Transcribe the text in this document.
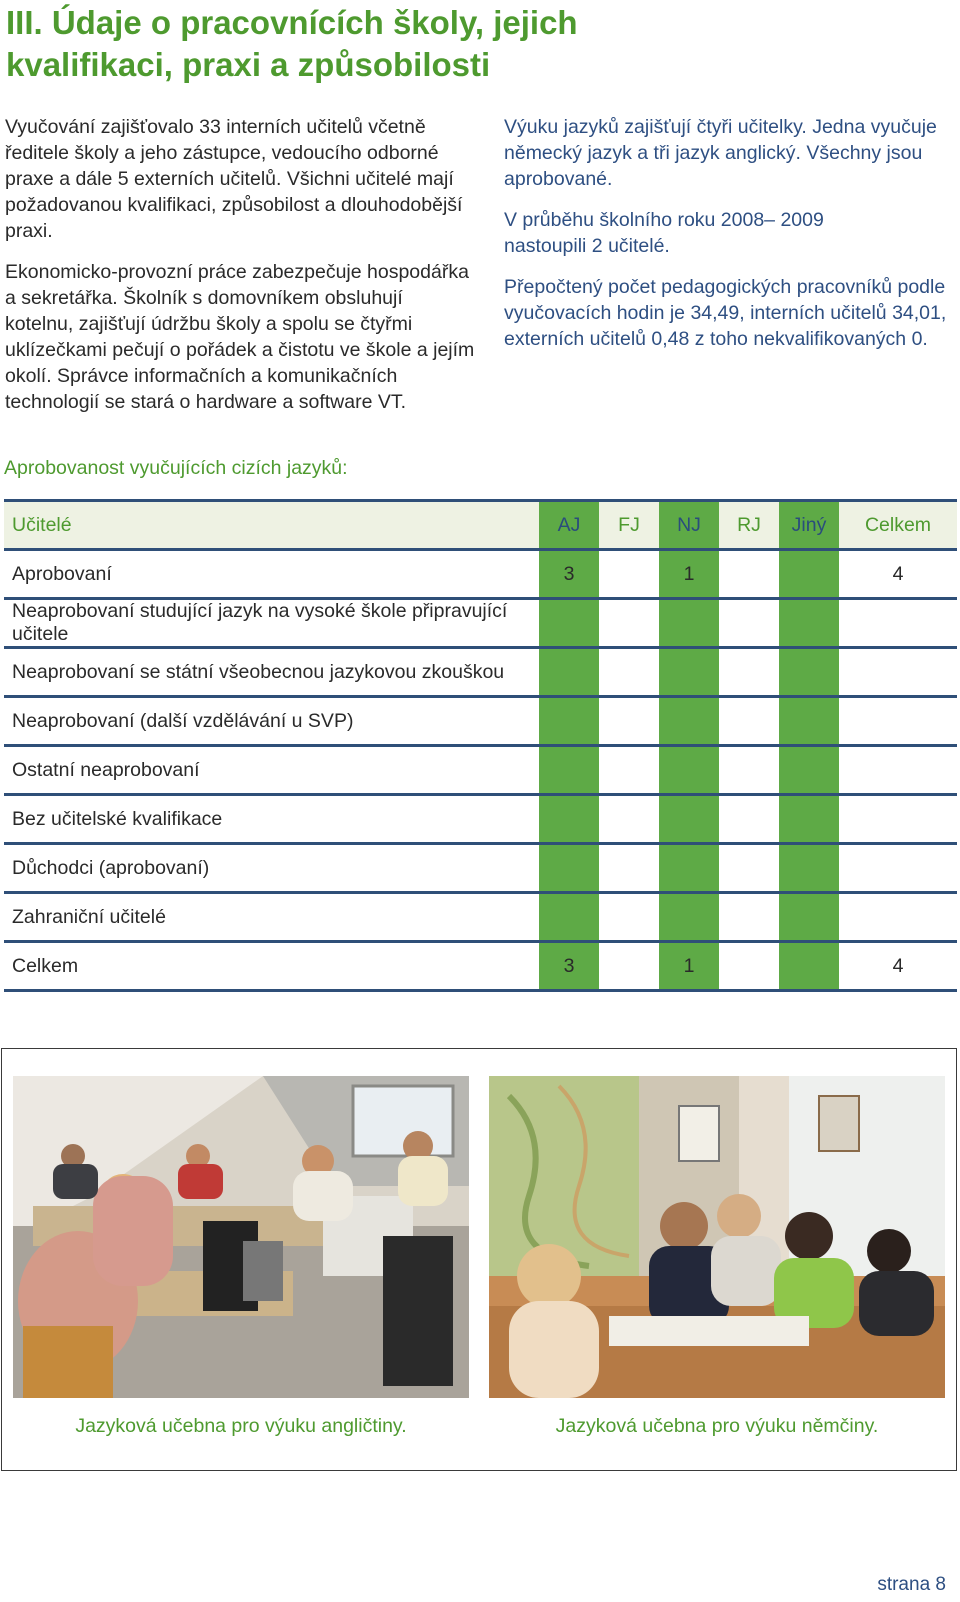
III. Údaje o pracovnících školy, jejich
kvalifikaci, praxi a způsobilosti

Vyučování zajišťovalo 33 interních učitelů včetně ředitele školy a jeho zástupce, vedoucího odborné praxe a dále 5 externích učitelů. Všichni učitelé mají požadovanou kvalifikaci, způsobilost a dlouhodobější praxi.

Ekonomicko-provozní práce zabezpečuje hospodářka a sekretářka. Školník s domovníkem obsluhují kotelnu, zajišťují údržbu školy a spolu se čtyřmi uklízečkami pečují o pořádek a čistotu ve škole a jejím okolí. Správce informačních a komunikačních technologií se stará o hardware a software VT.

Výuku jazyků zajišťují čtyři učitelky. Jedna vyučuje německý jazyk a tři jazyk anglický. Všechny jsou aprobované.

V průběhu školního roku 2008– 2009
nastoupili 2 učitelé.

Přepočtený počet pedagogických pracovníků podle vyučovacích hodin je 34,49, interních učitelů 34,01, externích učitelů 0,48 z toho nekvalifikovaných 0.

Aprobovanost vyučujících cizích jazyků:
Učitelé	AJ	FJ	NJ	RJ	Jiný	Celkem
Aprobovaní	3		1			4
Neaprobovaní studující jazyk na vysoké škole připravující učitele						
Neaprobovaní se státní všeobecnou jazykovou zkouškou						
Neaprobovaní (další vzdělávání u SVP)						
Ostatní neaprobovaní						
Bez učitelské kvalifikace						
Důchodci (aprobovaní)						
Zahraniční učitelé						
Celkem	3		1			4
Jazyková učebna pro výuku angličtiny.	Jazyková učebna pro výuku němčiny.
strana 8
